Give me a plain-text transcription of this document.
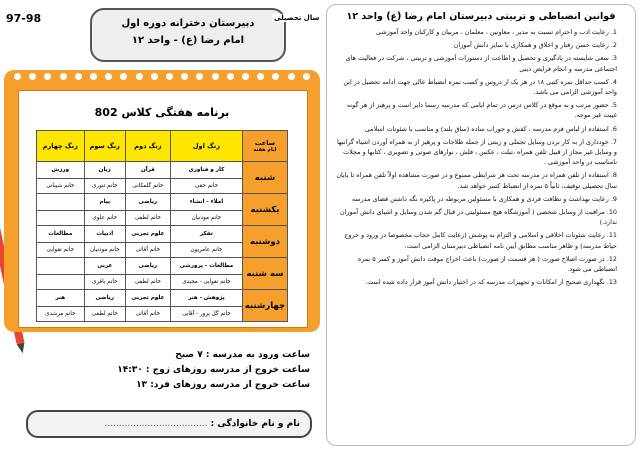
97-98	دبیرستان دخترانه دوره اول
امام رضا (ع) - واحد ۱۲
سال تحصیلی
برنامه هفتگی کلاس 802
ساعت
ایام هفته	زنگ اول	زنگ دوم	زنگ سوم	زنگ چهارم
شنبه	کار و فناوری	قرآن	زبان	ورزش
	خانم حقی	خانم گلمکانی	خانم تنوری	خانم شیبانی
یکشنبه	املاء - انشاء	ریاضی	پیام	
	خانم موذنیان	خانم لطفی	خانم علوی	
دوشنبه	تفکر	علوم تجربی	ادبیات	مطالعات
	خانم عامریون	خانم آقائی	خانم موذنیان	خانم تقوایی
سه شنبه	مطالعات - پرورشی	ریاضی	عربی	
	خانم تقوایی - مجیدی	خانم لطفی	خانم باقری	
چهارشنبه	پژوهش - هنر	علوم تجربی	ریاضی	هنر
	خانم گل پرور - آقایی	خانم آقائی	خانم لطفی	خانم مرشدی
ساعت ورود به مدرسه : ۷ صبح
ساعت خروج از مدرسه روزهای زوج : ۱۴:۳۰
ساعت خروج از مدرسه روزهای فرد: ۱۳
نام و نام خانوادگی : ....................................
قوانین انضباطی و تربیتی دبیرستان امام رضا (ع) واحد ۱۲
1. رعایت ادب و احترام نسبت به مدیر ، معاونین ، معلمان ، مربیان و کارکنان واحد آموزشی
2. رعایت حسن رفتار و اخلاق و همکاری با سایر دانش آموزان
3. سعی شایسته در یادگیری و تحصیل و اطاعت از دستورات آموزشی و تربیتی ، شرکت در فعالیت های اجتماعی مدرسه و انجام فرایض دینی
4. کسب حداقل نمره کتبی ۱۸ در هر یک از دروس و کسب نمره انضباط عالی جهت ادامه تحصیل در این واحد آموزشی الزامی می باشد.
5. حضور مرتب و به موقع در کلاس درس در تمام ایامی که مدرسه رسما دایر است و پرهیز از هر گونه غیبت غیر موجه.
6. استفاده از لباس فرم مدرسه ، کفش و جوراب ساده (ساق بلند) و مناسب با شئونات اسلامی
7. خودداری از به کار بردن وسایل تجملی و زینتی از جمله طلاجات و پرهیز از به همراه آوردن اشیاء گرانبها و وسایل غیر مجاز از قبیل تلفن همراه ،تبلت ، عکس ، فلش ، نوارهای صوتی و تصویری ، کتابها و مجلات نامناسب در واحد آموزشی .
8. استفاده از تلفن همراه در مدرسه تحت هر شرایطی ممنوع و در صورت مشاهده اولاً تلفن همراه تا پایان سال تحصیلی توقیف، ثانیاً ۵ نمره از انضباط کسر خواهد شد.
9. رعایت بهداشت و نظافت فردی و همکاری با مسئولین مربوطه در پاکیزه نگه داشتن فضای مدرسه
10. مراقبت از وسایل شخصی ( آموزشگاه هیچ مسئولیتی در قبال گم شدن وسایل و اشیای دانش آموزان ندارد.)
11. رعایت شئونات اخلاقی و اسلامی و التزام به پوشش (رعایت کامل حجاب مخصوصا در ورود و خروج حیاط مدرسه) و ظاهر مناسب مطابق آیین نامه انضباطی دبیرستان الزامی است.
12. در صورت اصلاح صورت ( هر قسمت از صورت) باعث اخراج موقت دانش آموز و کسر ۵ نمره انضباطی می شود.
13. نگهداری صحیح از امکانات و تجهیزات مدرسه که در اختیار دانش آموز قرار داده شده است.
